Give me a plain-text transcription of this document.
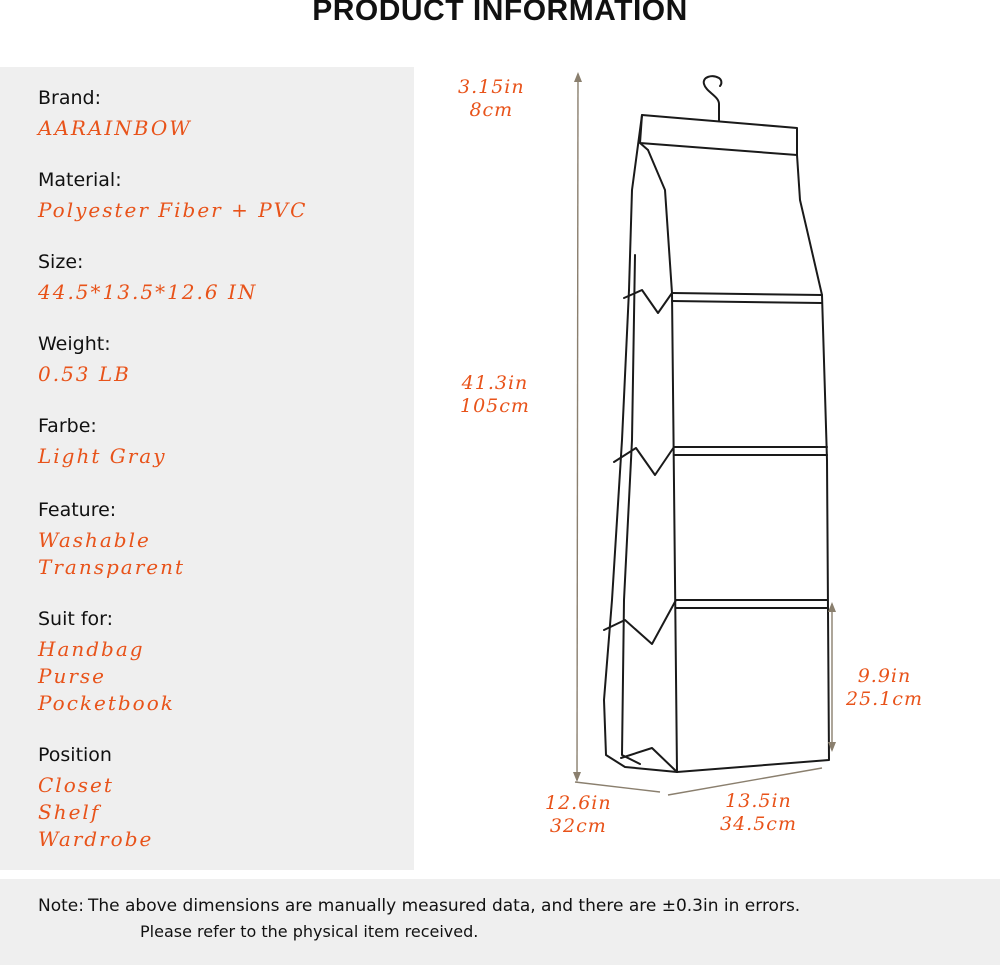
PRODUCT INFORMATION
Brand:
AARAINBOW
Material:
Polyester Fiber + PVC
Size:
44.5*13.5*12.6 IN
Weight:
0.53 LB
Farbe:
Light Gray
Feature:
Washable
Transparent
Suit for:
Handbag
Purse
Pocketbook
Position
Closet
Shelf
Wardrobe
3.15in
8cm
41.3in
105cm
9.9in
25.1cm
12.6in
32cm
13.5in
34.5cm
Note: The above dimensions are manually measured data, and there are ±0.3in in errors.
Please refer to the physical item received.
